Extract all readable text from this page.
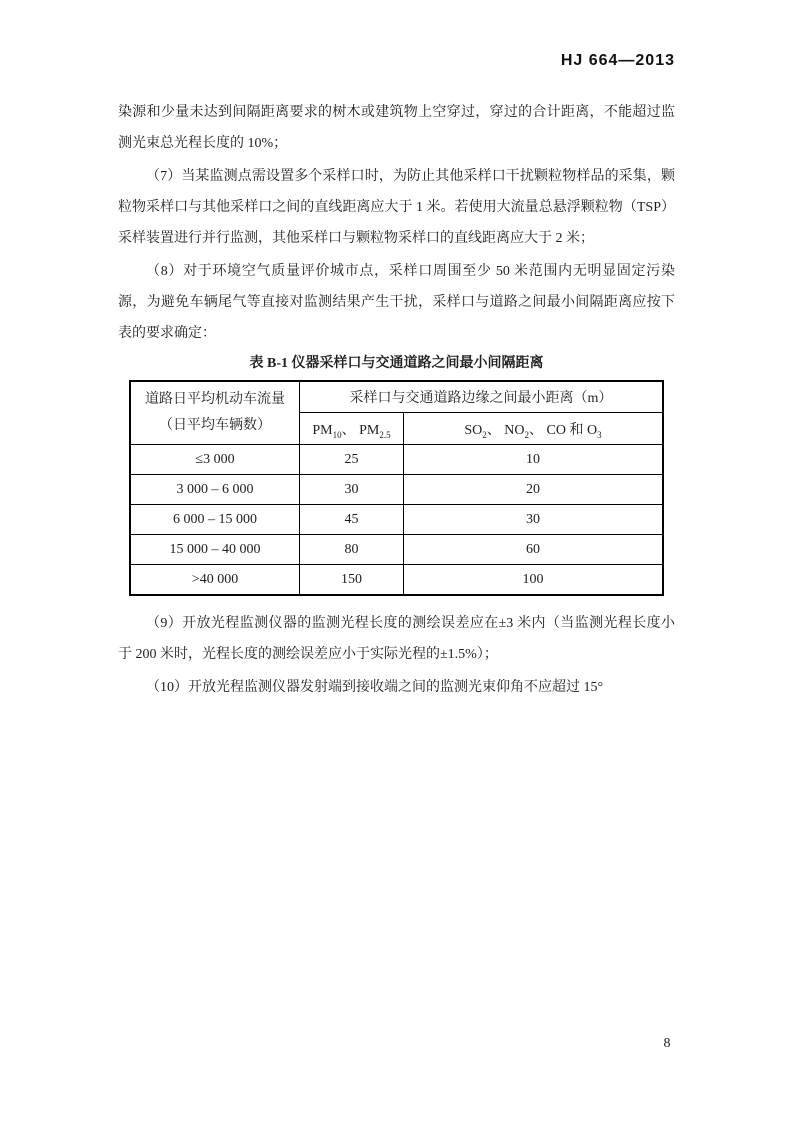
HJ 664—2013

染源和少量未达到间隔距离要求的树木或建筑物上空穿过，穿过的合计距离，不能超过监测光束总光程长度的 10%；

（7）当某监测点需设置多个采样口时，为防止其他采样口干扰颗粒物样品的采集，颗粒物采样口与其他采样口之间的直线距离应大于 1 米。若使用大流量总悬浮颗粒物（TSP）采样装置进行并行监测，其他采样口与颗粒物采样口的直线距离应大于 2 米；

（8）对于环境空气质量评价城市点，采样口周围至少 50 米范围内无明显固定污染源，为避免车辆尾气等直接对监测结果产生干扰，采样口与道路之间最小间隔距离应按下表的要求确定：

表 B-1 仪器采样口与交通道路之间最小间隔距离
道路日平均机动车流量
（日平均车辆数）	采样口与交通道路边缘之间最小距离（m）	
	$PM_{10}$、 $PM_{2.5}$	$SO_2$、 $NO_2$、 CO 和 $O_3$
≤3 000	25	10
3 000 – 6 000	30	20
6 000 – 15 000	45	30
15 000 – 40 000	80	60
>40 000	150	100

（9）开放光程监测仪器的监测光程长度的测绘误差应在±3 米内（当监测光程长度小于 200 米时，光程长度的测绘误差应小于实际光程的±1.5%）；

（10）开放光程监测仪器发射端到接收端之间的监测光束仰角不应超过 15°

8
